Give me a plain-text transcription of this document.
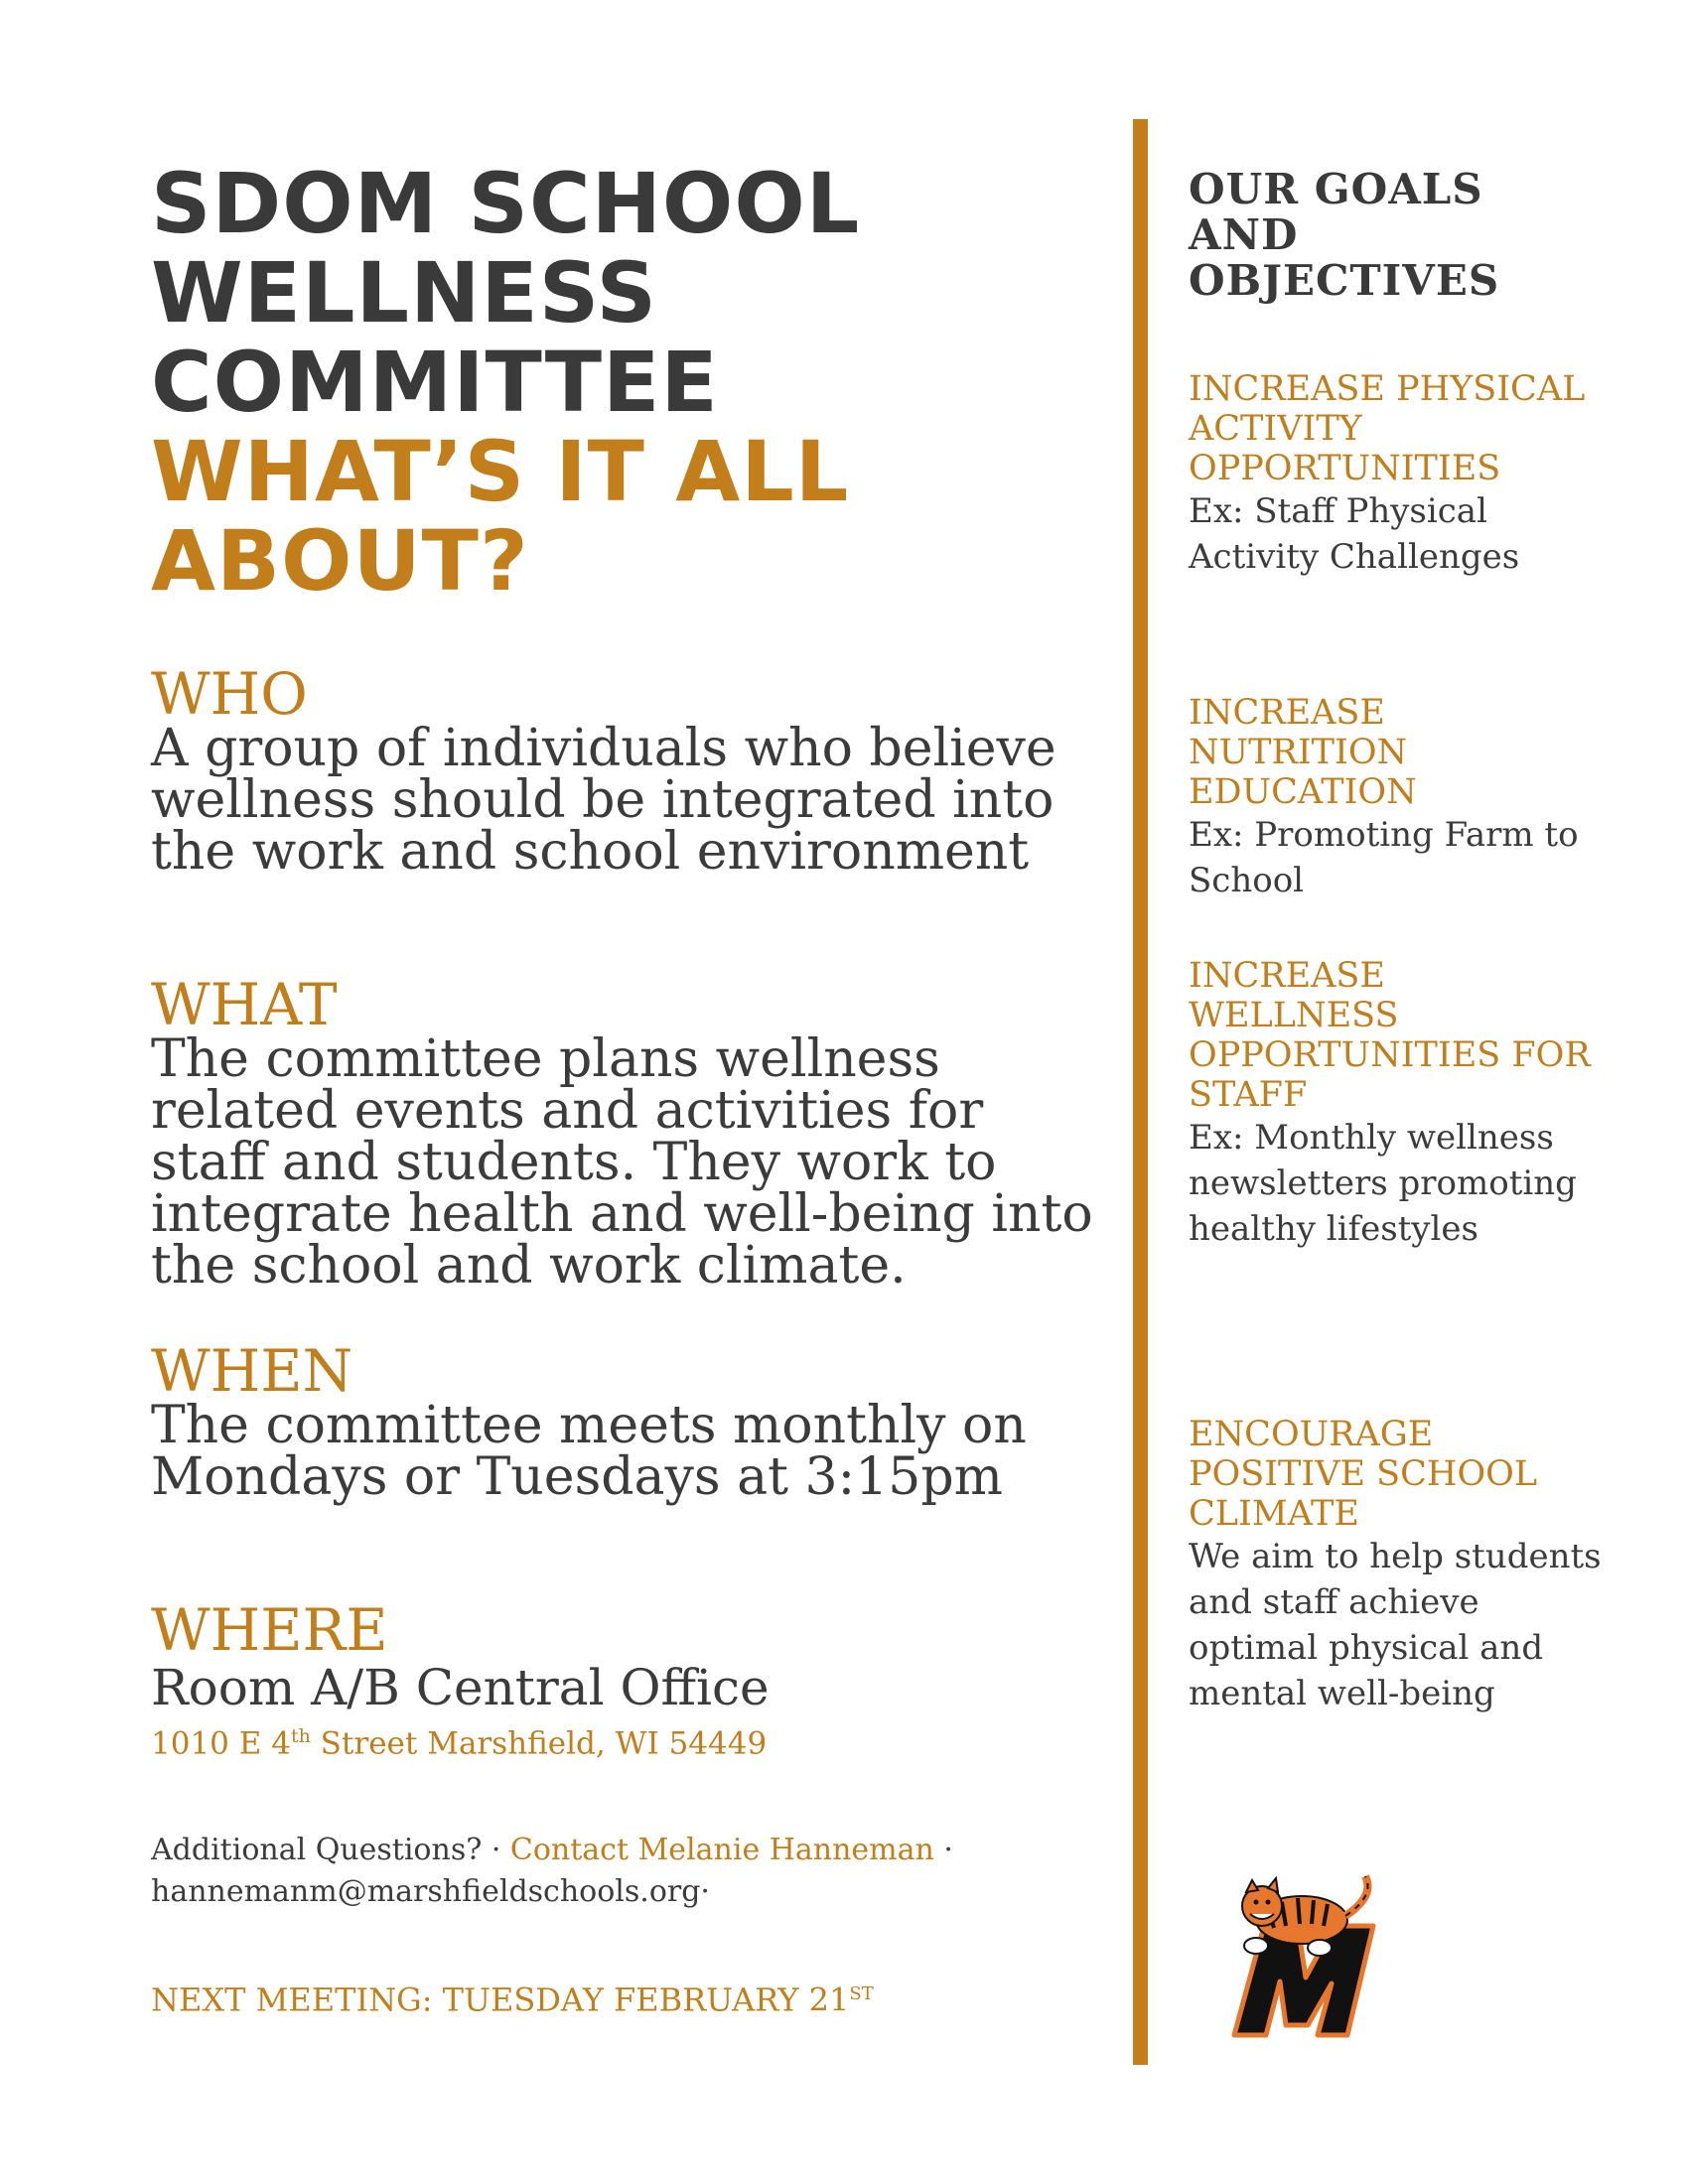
SDOM SCHOOL
WELLNESS
COMMITTEE
WHAT’S IT ALL
ABOUT?

WHO

A group of individuals who believe wellness should be integrated into the work and school environment

WHAT

The committee plans wellness related events and activities for staff and students. They work to integrate health and well-being into the school and work climate.

WHEN

The committee meets monthly on Mondays or Tuesdays at 3:15pm

WHERE

Room A/B Central Office

1010 E 4th Street Marshfield, WI 54449

Additional Questions? · Contact Melanie Hanneman ·
hannemanm@marshfieldschools.org·
NEXT MEETING: TUESDAY FEBRUARY 21ST

OUR GOALS AND OBJECTIVES

INCREASE PHYSICAL ACTIVITY OPPORTUNITIES

Ex: Staff Physical Activity Challenges

INCREASE NUTRITION EDUCATION

Ex: Promoting Farm to School

INCREASE WELLNESS OPPORTUNITIES FOR STAFF

Ex: Monthly wellness newsletters promoting healthy lifestyles

ENCOURAGE POSITIVE SCHOOL CLIMATE

We aim to help students and staff achieve optimal physical and mental well-being
